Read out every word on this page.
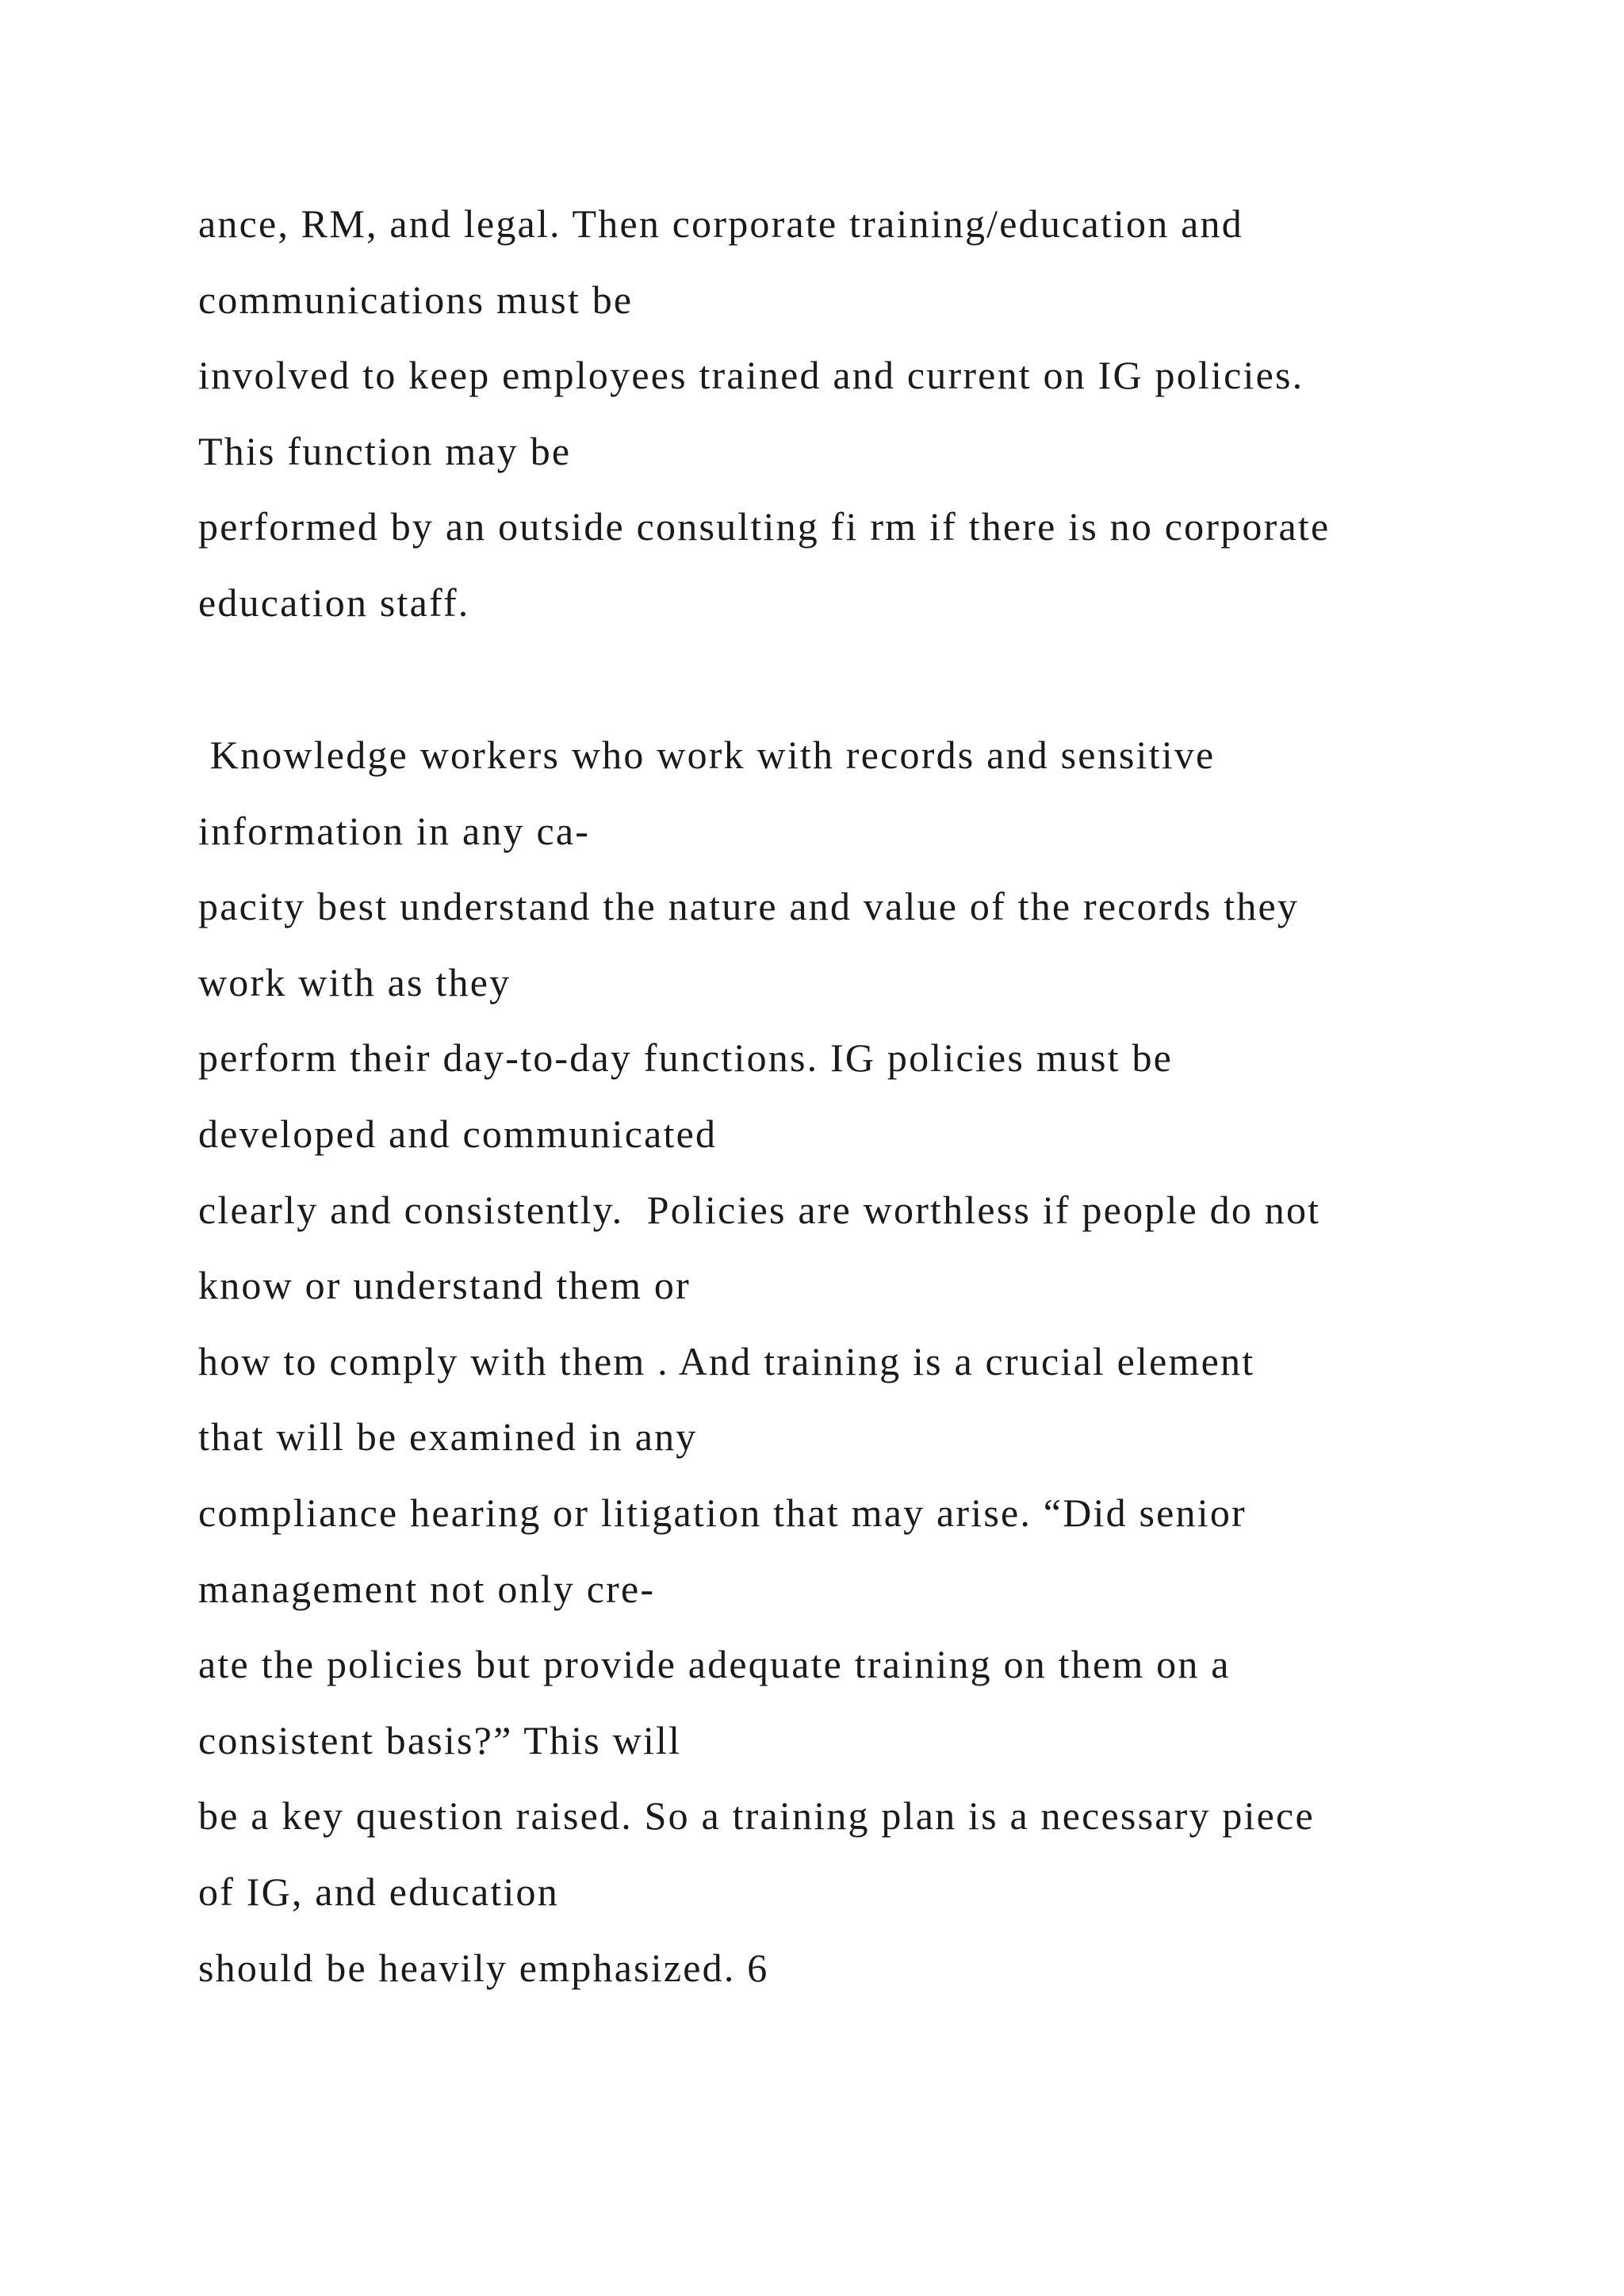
ance, RM, and legal. Then corporate training/education and
communications must be
involved to keep employees trained and current on IG policies.
This function may be
performed by an outside consulting fi rm if there is no corporate
education staff.

Knowledge workers who work with records and sensitive
information in any ca-
pacity best understand the nature and value of the records they
work with as they
perform their day-to-day functions. IG policies must be
developed and communicated
clearly and consistently.  Policies are worthless if people do not
know or understand them or
how to comply with them . And training is a crucial element
that will be examined in any
compliance hearing or litigation that may arise. “Did senior
management not only cre-
ate the policies but provide adequate training on them on a
consistent basis?” This will
be a key question raised. So a training plan is a necessary piece
of IG, and education
should be heavily emphasized. 6
